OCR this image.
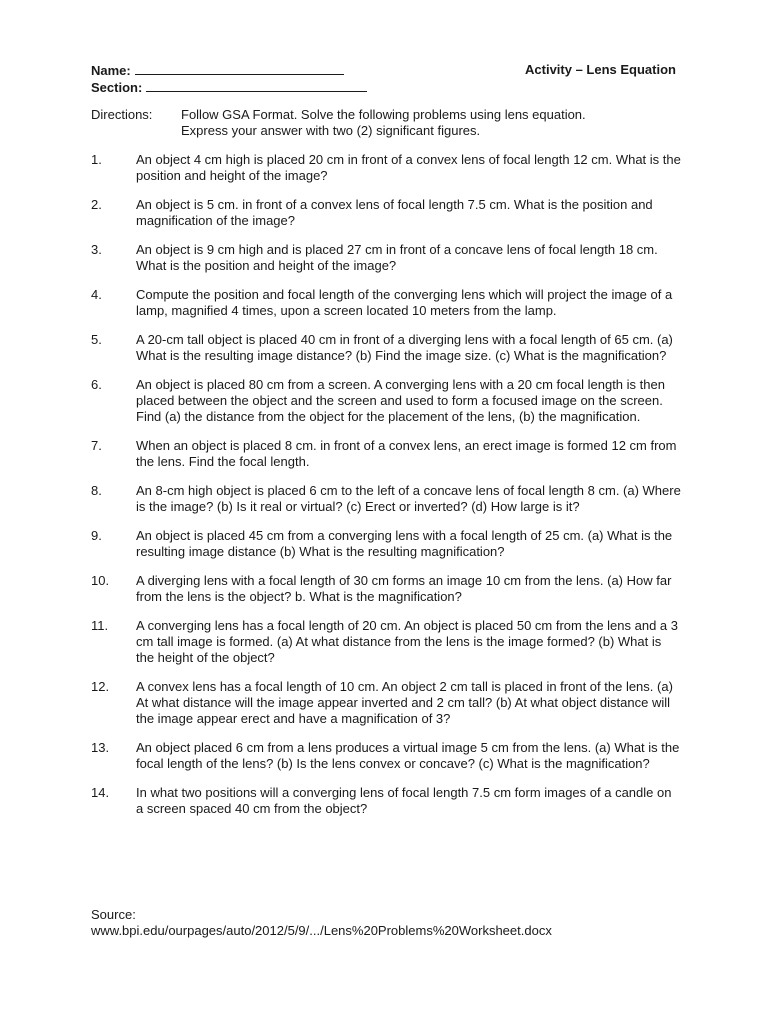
Name:	Activity – Lens Equation
Section:
Directions:	Follow GSA Format. Solve the following problems using lens equation.

Express your answer with two (2) significant figures.

1.	An object 4 cm high is placed 20 cm in front of a convex lens of focal length 12 cm. What is the position and height of the image?
2.	An object is 5 cm. in front of a convex lens of focal length 7.5 cm. What is the position and magnification of the image?
3.	An object is 9 cm high and is placed 27 cm in front of a concave lens of focal length 18 cm. What is the position and height of the image?
4.	Compute the position and focal length of the converging lens which will project the image of a lamp, magnified 4 times, upon a screen located 10 meters from the lamp.
5.	A 20-cm tall object is placed 40 cm in front of a diverging lens with a focal length of 65 cm. (a) What is the resulting image distance? (b) Find the image size. (c) What is the magnification?
6.	An object is placed 80 cm from a screen. A converging lens with a 20 cm focal length is then placed between the object and the screen and used to form a focused image on the screen. Find (a) the distance from the object for the placement of the lens, (b) the magnification.
7.	When an object is placed 8 cm. in front of a convex lens, an erect image is formed 12 cm from the lens. Find the focal length.
8.	An 8-cm high object is placed 6 cm to the left of a concave lens of focal length 8 cm. (a) Where is the image? (b) Is it real or virtual? (c) Erect or inverted? (d) How large is it?
9.	An object is placed 45 cm from a converging lens with a focal length of 25 cm. (a) What is the resulting image distance (b) What is the resulting magnification?
10.	A diverging lens with a focal length of 30 cm forms an image 10 cm from the lens. (a) How far from the lens is the object? b. What is the magnification?
11.	A converging lens has a focal length of 20 cm. An object is placed 50 cm from the lens and a 3 cm tall image is formed. (a) At what distance from the lens is the image formed? (b) What is the height of the object?
12.	A convex lens has a focal length of 10 cm. An object 2 cm tall is placed in front of the lens. (a) At what distance will the image appear inverted and 2 cm tall? (b) At what object distance will the image appear erect and have a magnification of 3?
13.	An object placed 6 cm from a lens produces a virtual image 5 cm from the lens. (a) What is the focal length of the lens? (b) Is the lens convex or concave? (c) What is the magnification?
14.	In what two positions will a converging lens of focal length 7.5 cm form images of a candle on a screen spaced 40 cm from the object?
Source:
www.bpi.edu/ourpages/auto/2012/5/9/.../Lens%20Problems%20Worksheet.docx
